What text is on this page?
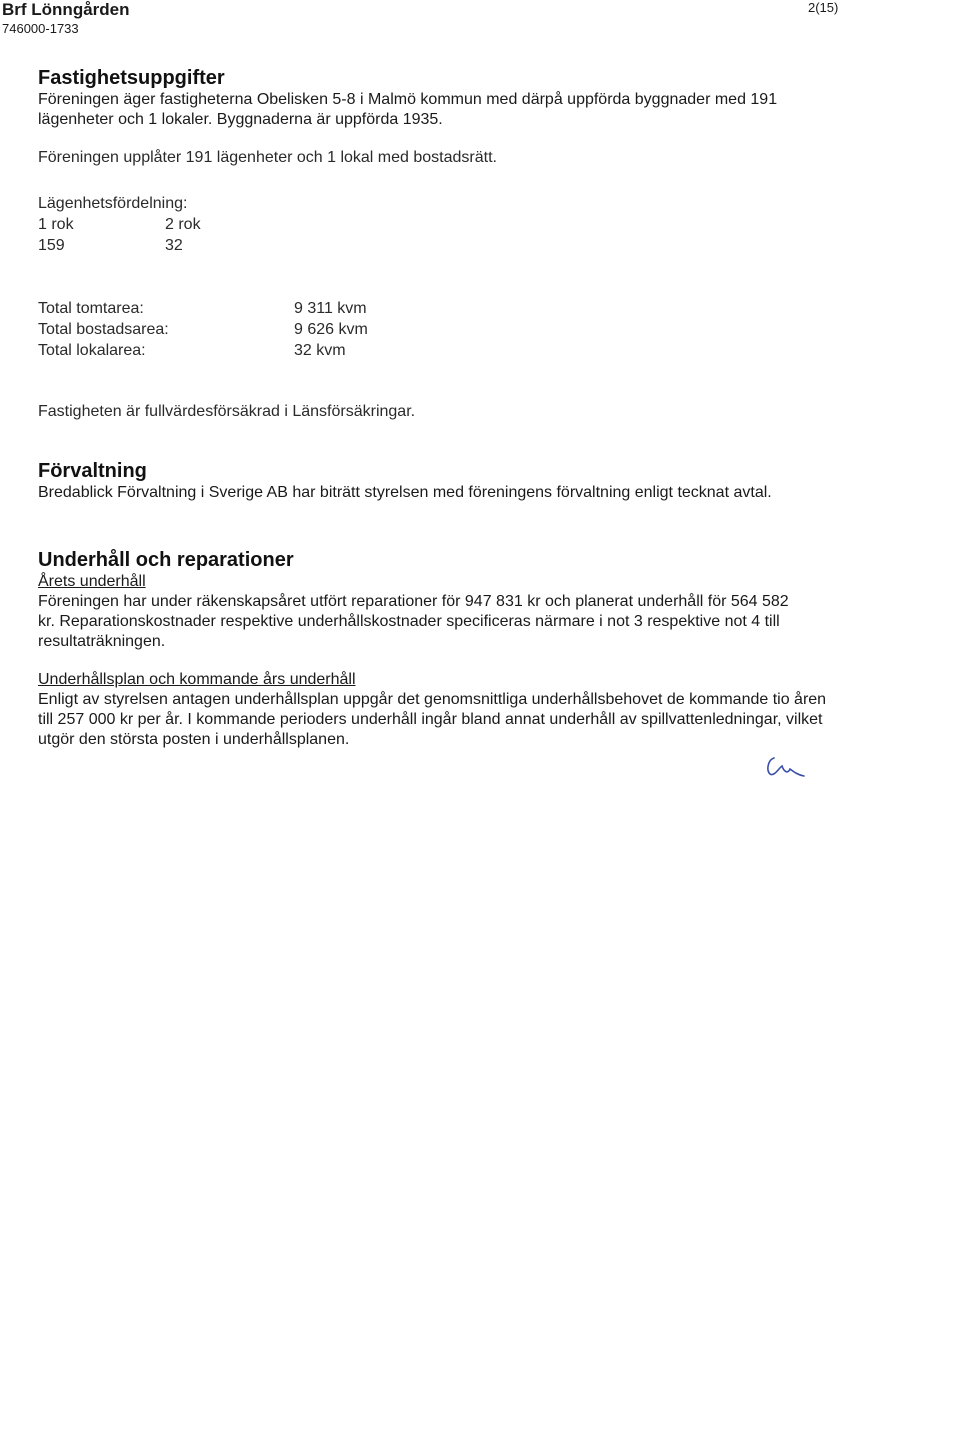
Brf Lönngården
746000-1733
2(15)
Fastighetsuppgifter

Föreningen äger fastigheterna Obelisken 5-8 i Malmö kommun med därpå uppförda byggnader med 191 lägenheter och 1 lokaler. Byggnaderna är uppförda 1935.

Föreningen upplåter 191 lägenheter och 1 lokal med bostadsrätt.

Lägenhetsfördelning:

1 rok	2 rok
159	32
Total tomtarea:	9 311 kvm
Total bostadsarea:	9 626 kvm
Total lokalarea:	32 kvm

Fastigheten är fullvärdesförsäkrad i Länsförsäkringar.

Förvaltning

Bredablick Förvaltning i Sverige AB har biträtt styrelsen med föreningens förvaltning enligt tecknat avtal.

Underhåll och reparationer

Årets underhåll

Föreningen har under räkenskapsåret utfört reparationer för 947 831 kr och planerat underhåll för 564 582 kr. Reparationskostnader respektive underhållskostnader specificeras närmare i not 3 respektive not 4 till resultaträkningen.

Underhållsplan och kommande års underhåll

Enligt av styrelsen antagen underhållsplan uppgår det genomsnittliga underhållsbehovet de kommande tio åren till 257 000 kr per år. I kommande perioders underhåll ingår bland annat underhåll av spillvattenledningar, vilket utgör den största posten i underhållsplanen.
